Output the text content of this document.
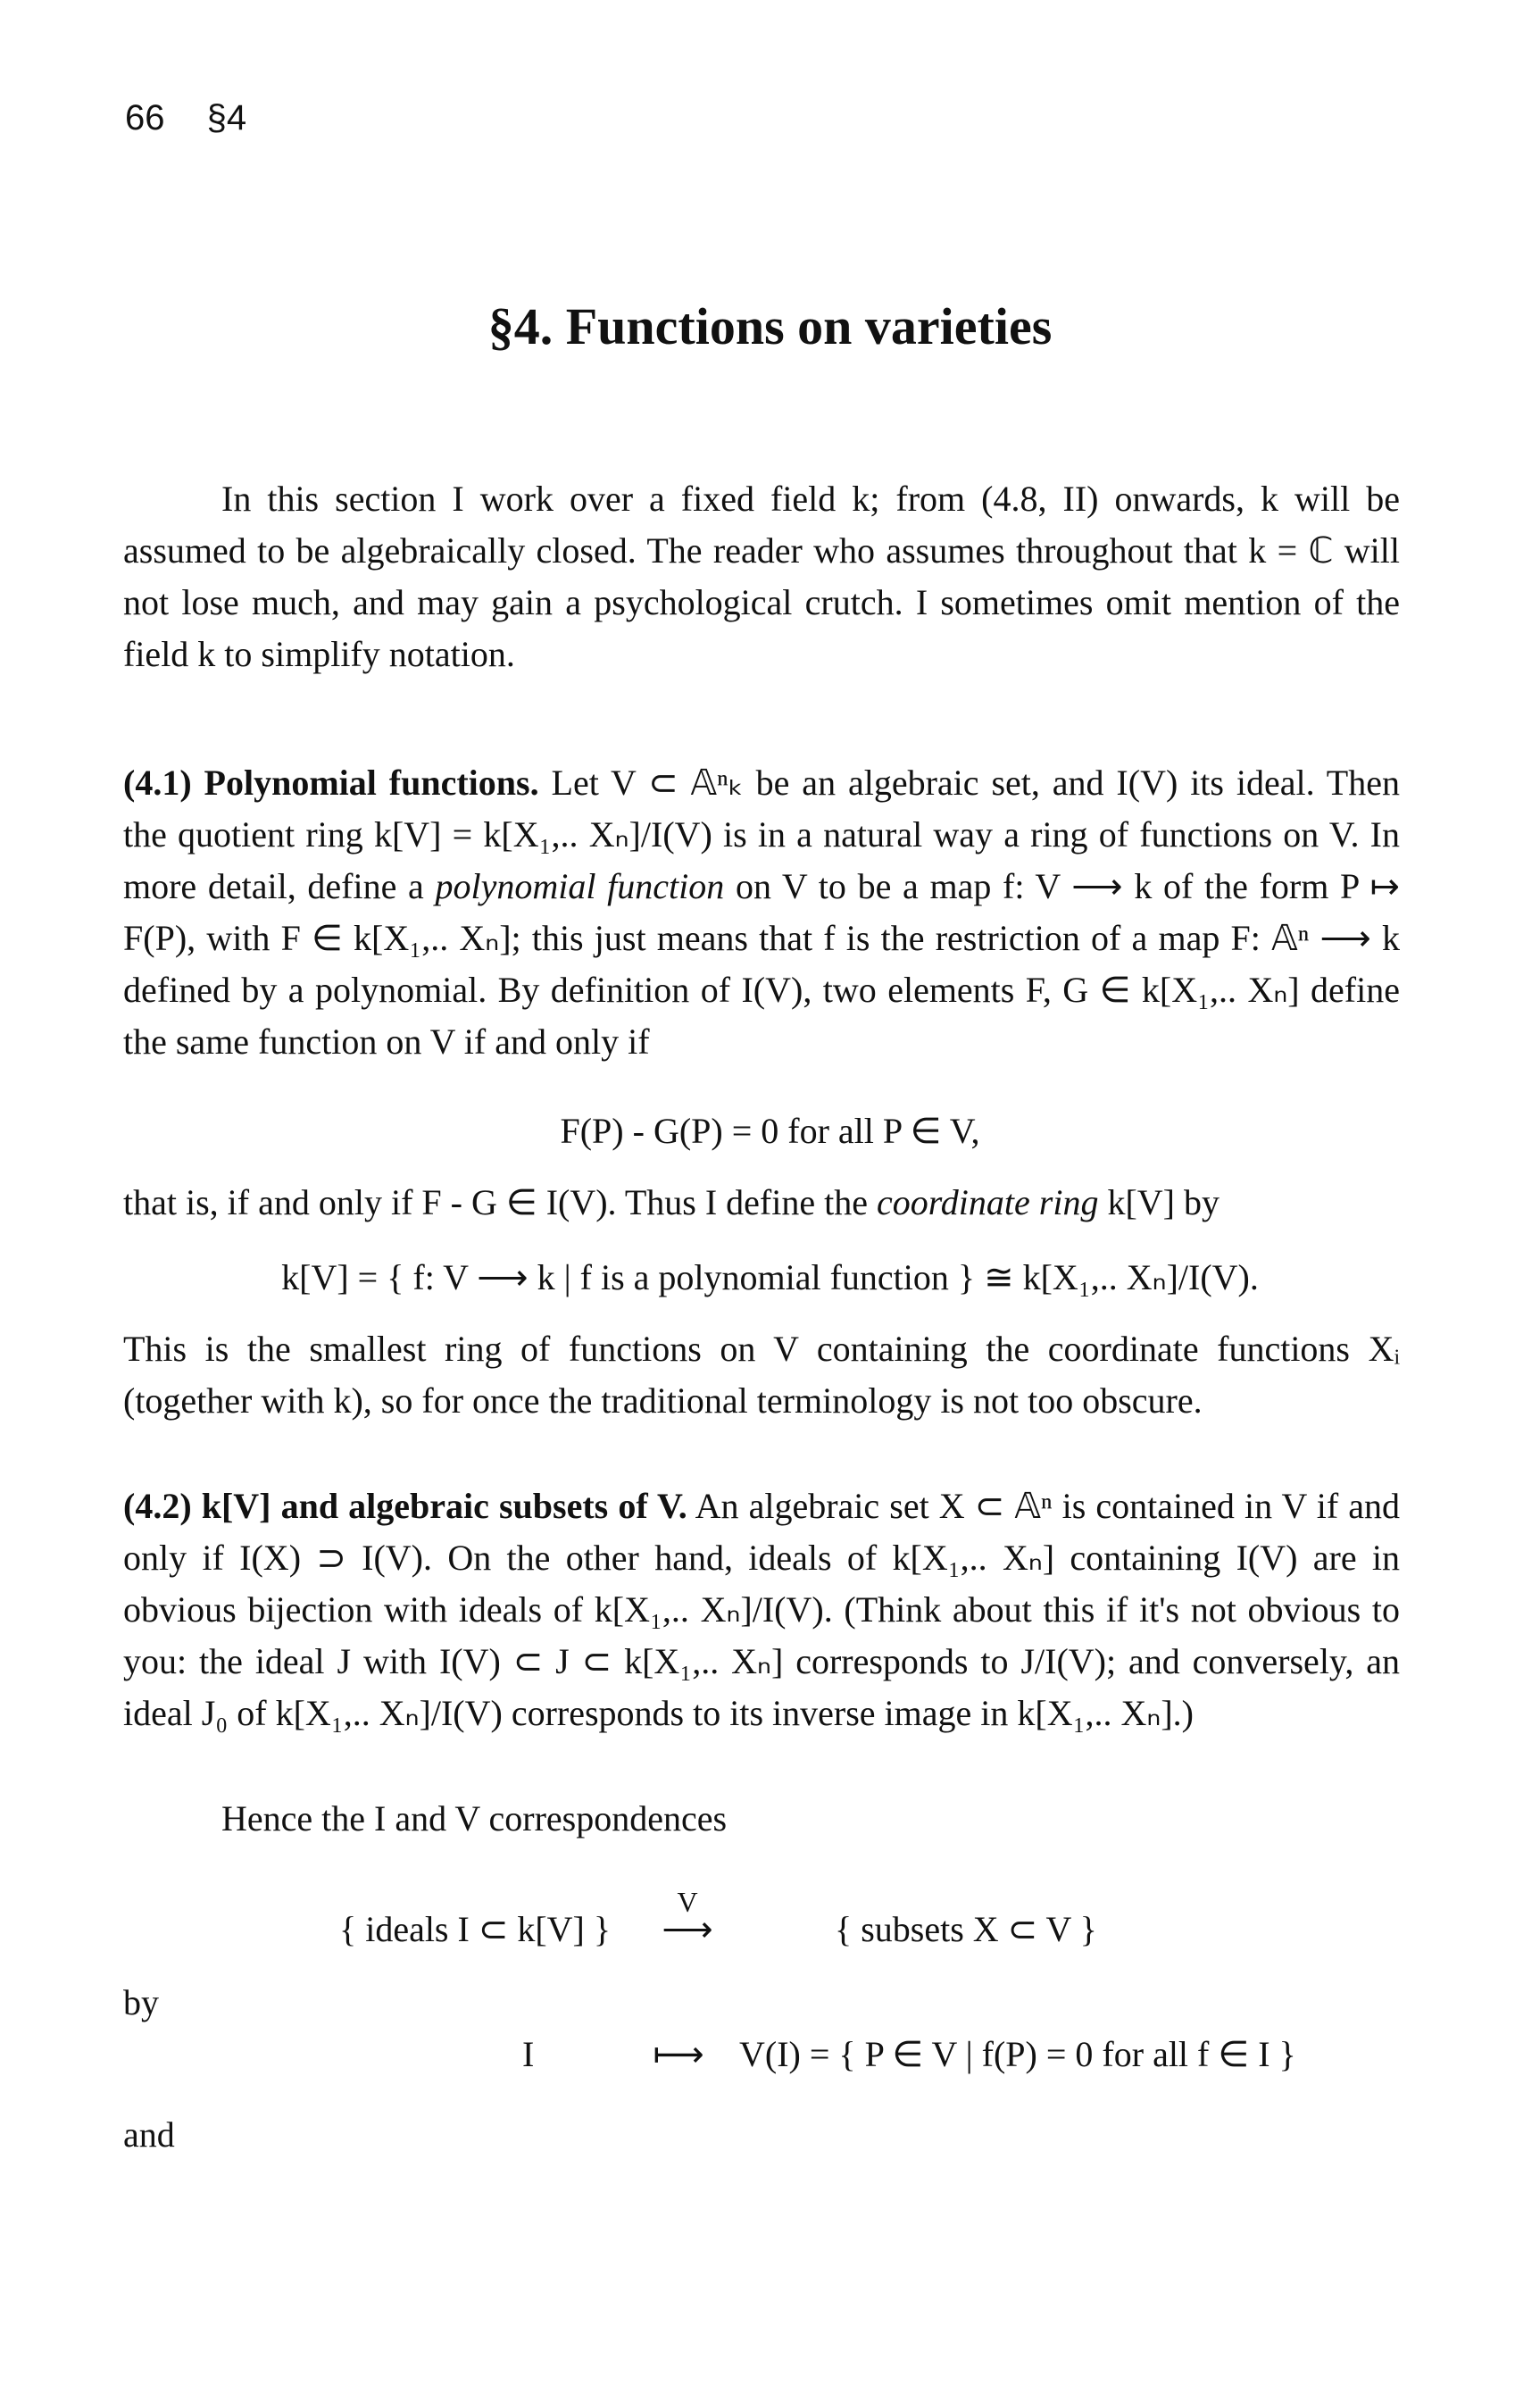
66 §4
§4. Functions on varieties

In this section I work over a fixed field k; from (4.8, II) onwards, k will be assumed to be algebraically closed. The reader who assumes throughout that k = ℂ will not lose much, and may gain a psychological crutch. I sometimes omit mention of the field k to simplify notation.

(4.1) Polynomial functions. Let V ⊂ 𝔸ⁿₖ be an algebraic set, and I(V) its ideal. Then the quotient ring k[V] = k[X₁,.. Xₙ]/I(V) is in a natural way a ring of functions on V. In more detail, define a polynomial function on V to be a map f: V ⟶ k of the form P ↦ F(P), with F ∈ k[X₁,.. Xₙ]; this just means that f is the restriction of a map F: 𝔸ⁿ ⟶ k defined by a polynomial. By definition of I(V), two elements F, G ∈ k[X₁,.. Xₙ] define the same function on V if and only if

F(P) - G(P) = 0 for all P ∈ V,

that is, if and only if F - G ∈ I(V). Thus I define the coordinate ring k[V] by

k[V] = { f: V ⟶ k | f is a polynomial function } ≅ k[X₁,.. Xₙ]/I(V).

This is the smallest ring of functions on V containing the coordinate functions Xᵢ (together with k), so for once the traditional terminology is not too obscure.

(4.2) k[V] and algebraic subsets of V. An algebraic set X ⊂ 𝔸ⁿ is contained in V if and only if I(X) ⊃ I(V). On the other hand, ideals of k[X₁,.. Xₙ] containing I(V) are in obvious bijection with ideals of k[X₁,.. Xₙ]/I(V). (Think about this if it's not obvious to you: the ideal J with I(V) ⊂ J ⊂ k[X₁,.. Xₙ] corresponds to J/I(V); and conversely, an ideal J₀ of k[X₁,.. Xₙ]/I(V) corresponds to its inverse image in k[X₁,.. Xₙ].)

Hence the I and V correspondences

{ ideals I ⊂ k[V] }
V
⟶	{ subsets X ⊂ V }
by
I	⟼ V(I) = { P ∈ V | f(P) = 0 for all f ∈ I }
and
